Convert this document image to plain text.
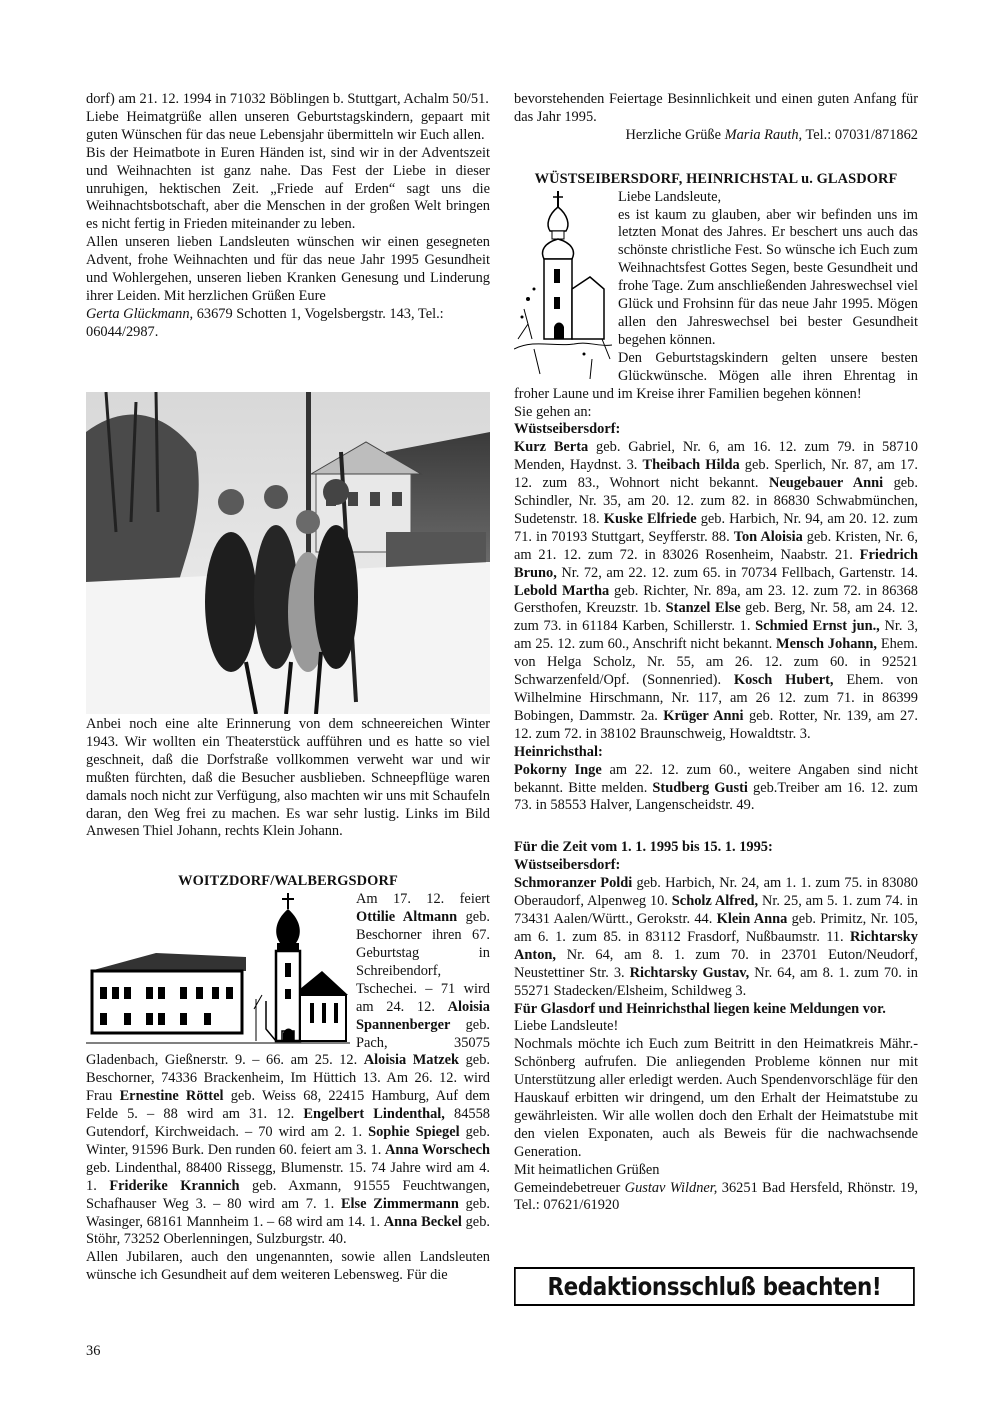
dorf) am 21. 12. 1994 in 71032 Böblingen b. Stuttgart, Achalm 50/51.

Liebe Heimatgrüße allen unseren Geburtstagskindern, gepaart mit guten Wünschen für das neue Lebensjahr übermitteln wir Euch allen.

Bis der Heimatbote in Euren Händen ist, sind wir in der Adventszeit und Weihnachten ist ganz nahe. Das Fest der Liebe in dieser unruhigen, hektischen Zeit. „Friede auf Erden“ sagt uns die Weihnachtsbotschaft, aber die Menschen in der großen Welt bringen es nicht fertig in Frieden miteinander zu leben.

Allen unseren lieben Landsleuten wünschen wir einen gesegneten Advent, frohe Weihnachten und für das neue Jahr 1995 Gesundheit und Wohlergehen, unseren lieben Kranken Genesung und Linderung ihrer Leiden. Mit herzlichen Grüßen Eure

Gerta Glückmann, 63679 Schotten 1, Vogelsbergstr. 143, Tel.: 06044/2987.

Anbei noch eine alte Erinnerung von dem schneereichen Winter 1943. Wir wollten ein Theaterstück aufführen und es hatte so viel geschneit, daß die Dorfstraße vollkommen verweht war und wir mußten fürchten, daß die Besucher ausblieben. Schneepflüge waren damals noch nicht zur Verfügung, also machten wir uns mit Schaufeln daran, den Weg frei zu machen. Es war sehr lustig. Links im Bild Anwesen Thiel Johann, rechts Klein Johann.

WOITZDORF/WALBERGSDORF

Am 17. 12. feiert Ottilie Altmann geb. Beschorner ihren 67. Geburtstag in Schreibendorf, Tschechei. – 71 wird am 24. 12. Aloisia Spannenberger geb. Pach, 35075 Gladenbach, Gießnerstr. 9. – 66. am 25. 12. Aloisia Matzek geb. Beschorner, 74336 Brackenheim, Im Hüttich 13. Am 26. 12. wird Frau Ernestine Röttel geb. Weiss 68, 22415 Hamburg, Auf dem Felde 5. – 88 wird am 31. 12. Engelbert Lindenthal, 84558 Gutendorf, Kirchweidach. – 70 wird am 2. 1. Sophie Spiegel geb. Winter, 91596 Burk. Den runden 60. feiert am 3. 1. Anna Worschech geb. Lindenthal, 88400 Rissegg, Blumenstr. 15. 74 Jahre wird am 4. 1. Friderike Krannich geb. Axmann, 91555 Feuchtwangen, Schafhauser Weg 3. – 80 wird am 7. 1. Else Zimmermann geb. Wasinger, 68161 Mannheim 1. – 68 wird am 14. 1. Anna Beckel geb. Stöhr, 73252 Oberlenningen, Sulzburgstr. 40.

Allen Jubilaren, auch den ungenannten, sowie allen Landsleuten wünsche ich Gesundheit auf dem weiteren Lebensweg. Für die

bevorstehenden Feiertage Besinnlichkeit und einen guten Anfang für das Jahr 1995.

Herzliche Grüße Maria Rauth, Tel.: 07031/871862

WÜSTSEIBERSDORF, HEINRICHSTAL u. GLASDORF

Liebe Landsleute,

es ist kaum zu glauben, aber wir befinden uns im letzten Monat des Jahres. Er beschert uns auch das schönste christliche Fest. So wünsche ich Euch zum Weihnachtsfest Gottes Segen, beste Gesundheit und frohe Tage. Zum anschließenden Jahreswechsel viel Glück und Frohsinn für das neue Jahr 1995. Mögen allen den Jahreswechsel bei bester Gesundheit begehen können.

Den Geburtstagskindern gelten unsere besten Glückwünsche. Mögen alle ihren Ehrentag in froher Laune und im Kreise ihrer Familien begehen können!

Sie gehen an:

Wüstseibersdorf:

Kurz Berta geb. Gabriel, Nr. 6, am 16. 12. zum 79. in 58710 Menden, Haydnst. 3. Theibach Hilda geb. Sperlich, Nr. 87, am 17. 12. zum 83., Wohnort nicht bekannt. Neugebauer Anni geb. Schindler, Nr. 35, am 20. 12. zum 82. in 86830 Schwabmünchen, Sudetenstr. 18. Kuske Elfriede geb. Harbich, Nr. 94, am 20. 12. zum 71. in 70193 Stuttgart, Seyfferstr. 88. Ton Aloisia geb. Kristen, Nr. 6, am 21. 12. zum 72. in 83026 Rosenheim, Naabstr. 21. Friedrich Bruno, Nr. 72, am 22. 12. zum 65. in 70734 Fellbach, Gartenstr. 14. Lebold Martha geb. Richter, Nr. 89a, am 23. 12. zum 72. in 86368 Gersthofen, Kreuzstr. 1b. Stanzel Else geb. Berg, Nr. 58, am 24. 12. zum 73. in 61184 Karben, Schillerstr. 1. Schmied Ernst jun., Nr. 3, am 25. 12. zum 60., Anschrift nicht bekannt. Mensch Johann, Ehem. von Helga Scholz, Nr. 55, am 26. 12. zum 60. in 92521 Schwarzenfeld/Opf. (Sonnenried). Kosch Hubert, Ehem. von Wilhelmine Hirschmann, Nr. 117, am 26 12. zum 71. in 86399 Bobingen, Dammstr. 2a. Krüger Anni geb. Rotter, Nr. 139, am 27. 12. zum 72. in 38102 Braunschweig, Howaldtstr. 3.

Heinrichsthal:

Pokorny Inge am 22. 12. zum 60., weitere Angaben sind nicht bekannt. Bitte melden. Studberg Gusti geb.Treiber am 16. 12. zum 73. in 58553 Halver, Langenscheidstr. 49.

Für die Zeit vom 1. 1. 1995 bis 15. 1. 1995:

Wüstseibersdorf:

Schmoranzer Poldi geb. Harbich, Nr. 24, am 1. 1. zum 75. in 83080 Oberaudorf, Alpenweg 10. Scholz Alfred, Nr. 25, am 5. 1. zum 74. in 73431 Aalen/Württ., Gerokstr. 44. Klein Anna geb. Primitz, Nr. 105, am 6. 1. zum 85. in 83112 Frasdorf, Nußbaumstr. 11. Richtarsky Anton, Nr. 64, am 8. 1. zum 70. in 23701 Euton/Neudorf, Neustettiner Str. 3. Richtarsky Gustav, Nr. 64, am 8. 1. zum 70. in 55271 Stadecken/Elsheim, Schildweg 3.

Für Glasdorf und Heinrichsthal liegen keine Meldungen vor.

Liebe Landsleute!

Nochmals möchte ich Euch zum Beitritt in den Heimatkreis Mähr.-Schönberg aufrufen. Die anliegenden Probleme können nur mit Unterstützung aller erledigt werden. Auch Spendenvorschläge für den Hauskauf erbitten wir dringend, um den Erhalt der Heimatstube zu gewährleisten. Wir alle wollen doch den Erhalt der Heimatstube mit den vielen Exponaten, auch als Beweis für die nachwachsende Generation.

Mit heimatlichen Grüßen

Gemeindebetreuer Gustav Wildner, 36251 Bad Hersfeld, Rhönstr. 19, Tel.: 07621/61920

Redaktionsschluß beachten!
36
